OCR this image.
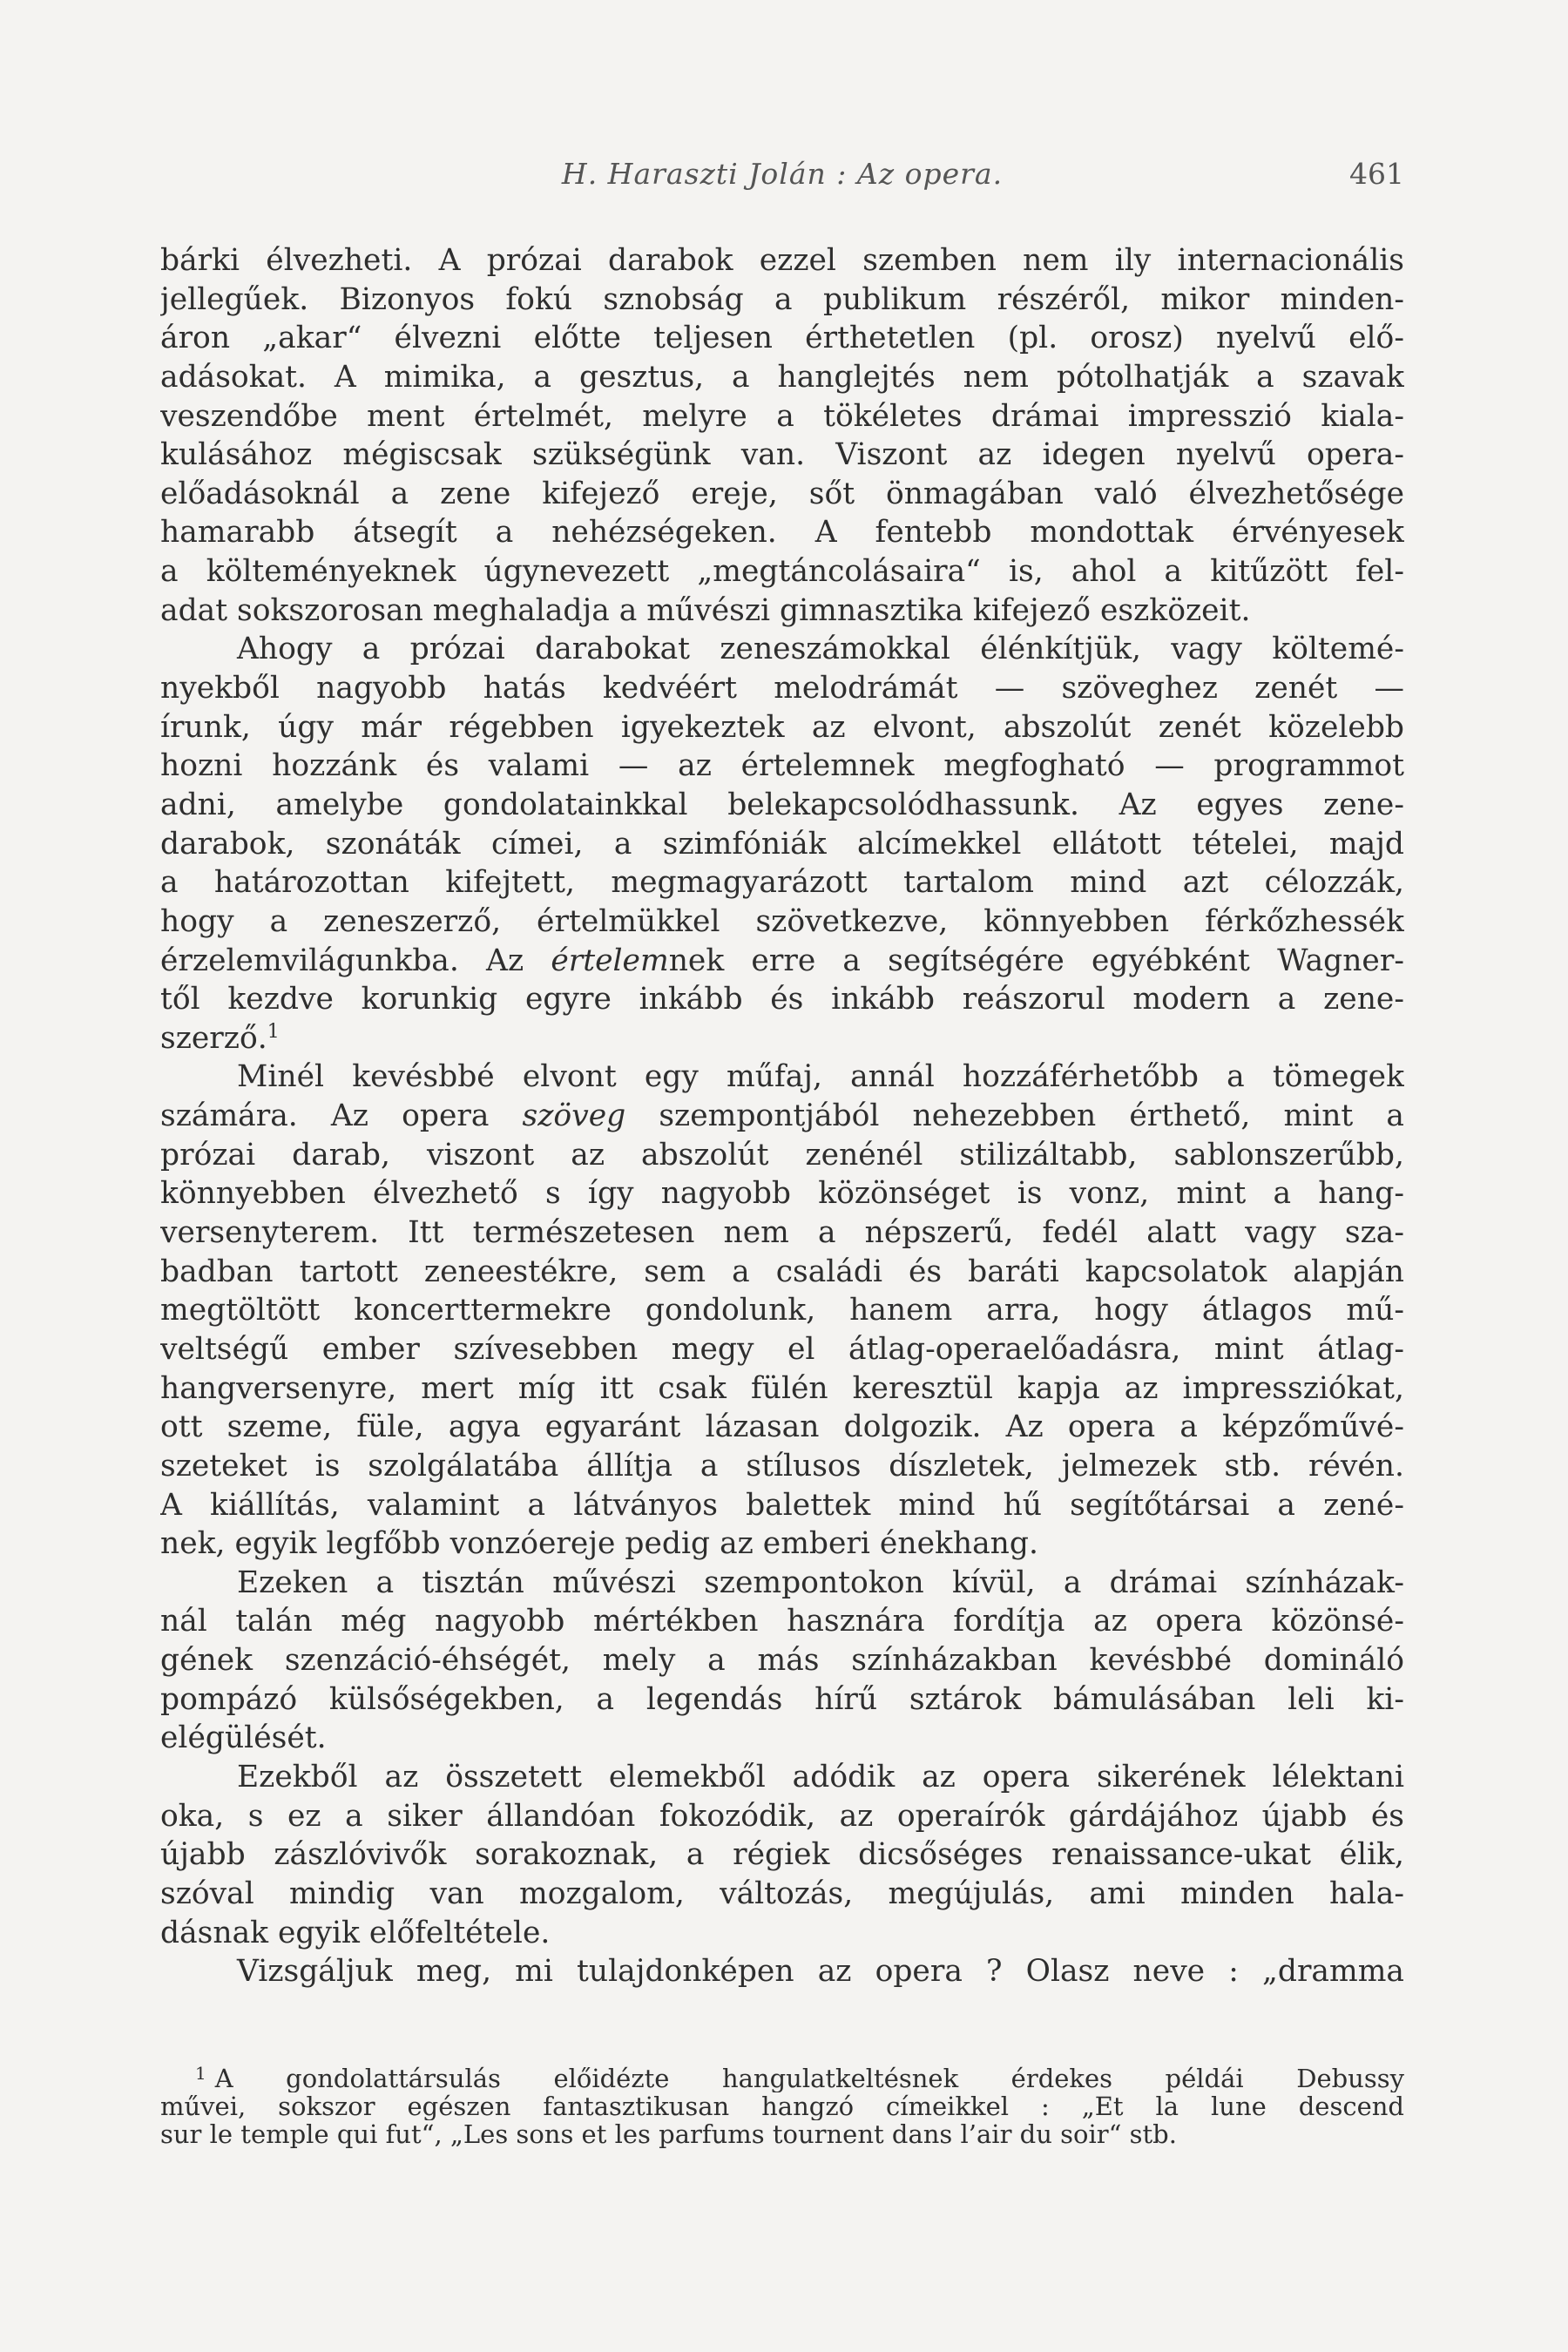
H. Haraszti Jolán : Az opera.	461
bárki élvezheti. A prózai darabok ezzel szemben nem ily internacionális
jellegűek. Bizonyos fokú sznobság a publikum részéről, mikor minden-
áron „akar“ élvezni előtte teljesen érthetetlen (pl. orosz) nyelvű elő-
adásokat. A mimika, a gesztus, a hanglejtés nem pótolhatják a szavak
veszendőbe ment értelmét, melyre a tökéletes drámai impresszió kiala-
kulásához mégiscsak szükségünk van. Viszont az idegen nyelvű opera-
előadásoknál a zene kifejező ereje, sőt önmagában való élvezhetősége
hamarabb átsegít a nehézségeken. A fentebb mondottak érvényesek
a költeményeknek úgynevezett „megtáncolásaira“ is, ahol a kitűzött fel-
adat sokszorosan meghaladja a művészi gimnasztika kifejező eszközeit.
Ahogy a prózai darabokat zeneszámokkal élénkítjük, vagy költemé-
nyekből nagyobb hatás kedvéért melodrámát — szöveghez zenét —
írunk, úgy már régebben igyekeztek az elvont, abszolút zenét közelebb
hozni hozzánk és valami — az értelemnek megfogható — programmot
adni, amelybe gondolatainkkal belekapcsolódhassunk. Az egyes zene-
darabok, szonáták címei, a szimfóniák alcímekkel ellátott tételei, majd
a határozottan kifejtett, megmagyarázott tartalom mind azt célozzák,
hogy a zeneszerző, értelmükkel szövetkezve, könnyebben férkőzhessék
érzelemvilágunkba. Az értelemnek erre a segítségére egyébként Wagner-
től kezdve korunkig egyre inkább és inkább reászorul modern a zene-
szerző.$^1$
Minél kevésbbé elvont egy műfaj, annál hozzáférhetőbb a tömegek
számára. Az opera szöveg szempontjából nehezebben érthető, mint a
prózai darab, viszont az abszolút zenénél stilizáltabb, sablonszerűbb,
könnyebben élvezhető s így nagyobb közönséget is vonz, mint a hang-
versenyterem. Itt természetesen nem a népszerű, fedél alatt vagy sza-
badban tartott zeneestékre, sem a családi és baráti kapcsolatok alapján
megtöltött koncerttermekre gondolunk, hanem arra, hogy átlagos mű-
veltségű ember szívesebben megy el átlag-operaelőadásra, mint átlag-
hangversenyre, mert míg itt csak fülén keresztül kapja az impressziókat,
ott szeme, füle, agya egyaránt lázasan dolgozik. Az opera a képzőművé-
szeteket is szolgálatába állítja a stílusos díszletek, jelmezek stb. révén.
A kiállítás, valamint a látványos balettek mind hű segítőtársai a zené-
nek, egyik legfőbb vonzóereje pedig az emberi énekhang.
Ezeken a tisztán művészi szempontokon kívül, a drámai színházak-
nál talán még nagyobb mértékben hasznára fordítja az opera közönsé-
gének szenzáció-éhségét, mely a más színházakban kevésbbé domináló
pompázó külsőségekben, a legendás hírű sztárok bámulásában leli ki-
elégülését.
Ezekből az összetett elemekből adódik az opera sikerének lélektani
oka, s ez a siker állandóan fokozódik, az operaírók gárdájához újabb és
újabb zászlóvivők sorakoznak, a régiek dicsőséges renaissance-ukat élik,
szóval mindig van mozgalom, változás, megújulás, ami minden hala-
dásnak egyik előfeltétele.
Vizsgáljuk meg, mi tulajdonképen az opera ? Olasz neve : „dramma
$^1$ A gondolattársulás előidézte hangulatkeltésnek érdekes példái Debussy
művei, sokszor egészen fantasztikusan hangzó címeikkel : „Et la lune descend
sur le temple qui fut“, „Les sons et les parfums tournent dans l’air du soir“ stb.
